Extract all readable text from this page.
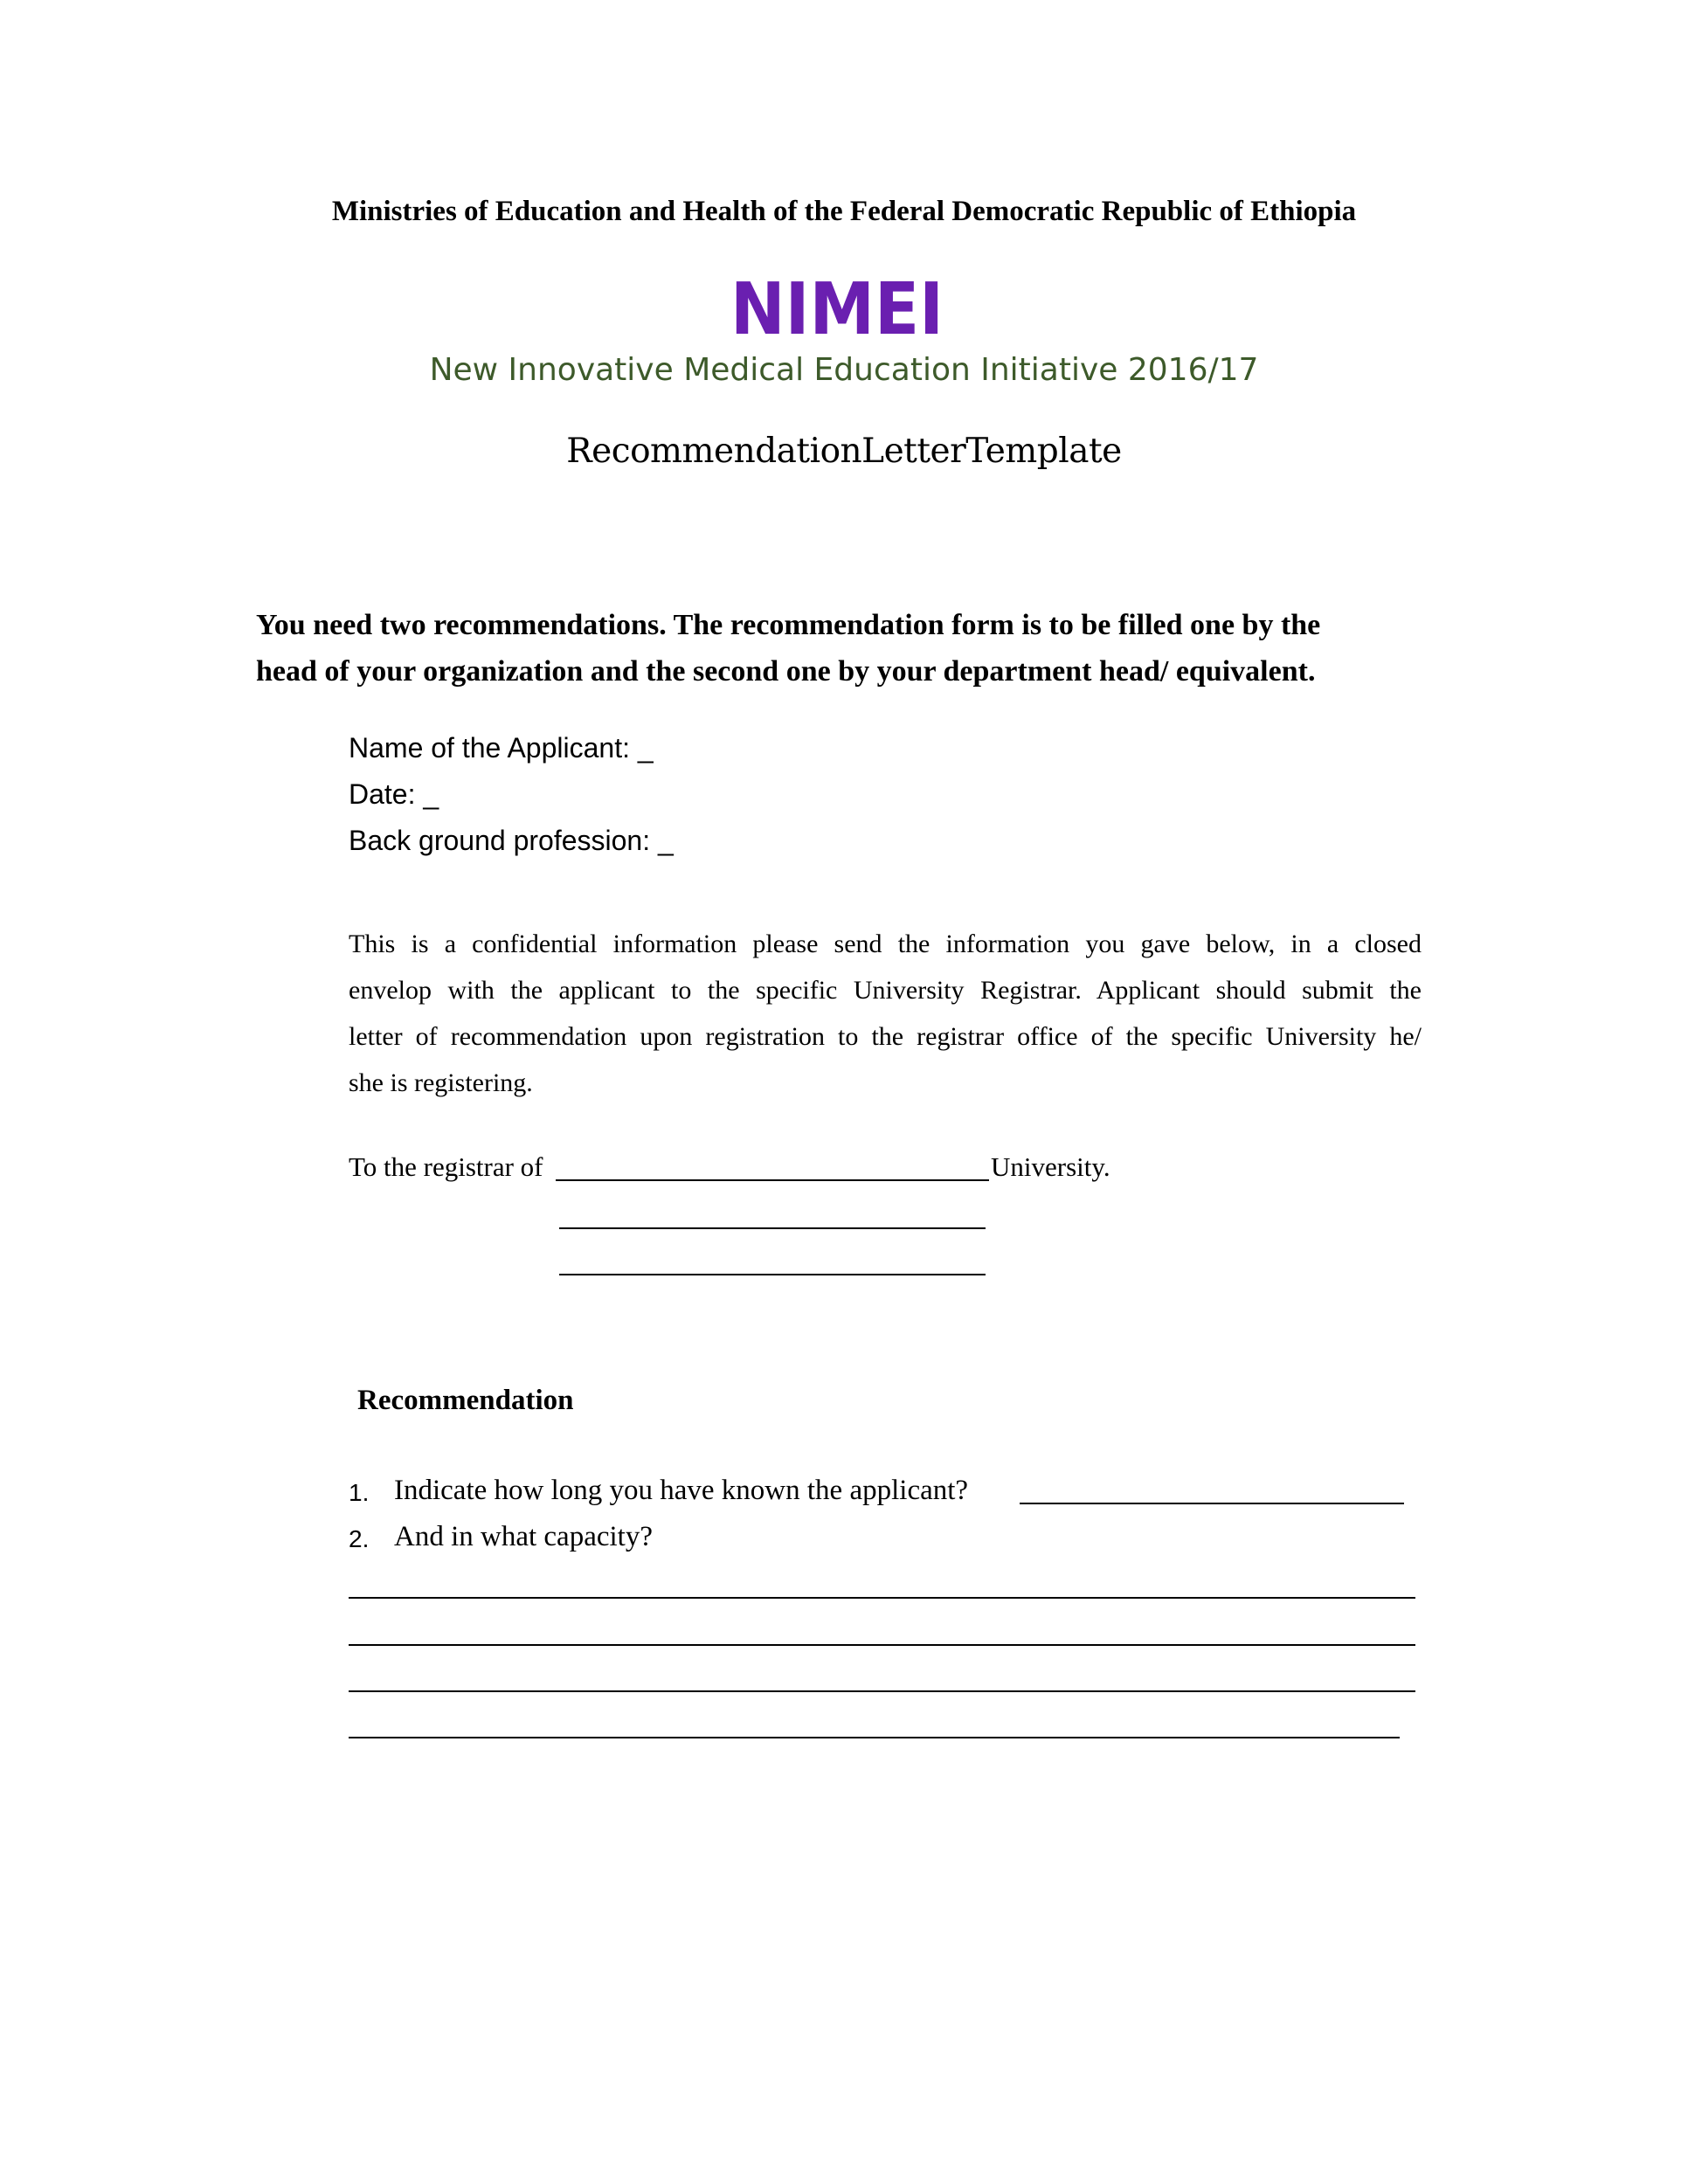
Ministries of Education and Health of the Federal Democratic Republic of Ethiopia
NIMEI
New Innovative Medical Education Initiative 2016/17
RecommendationLetterTemplate
You need two recommendations. The recommendation form is to be filled one by the
head of your organization and the second one by your department head/ equivalent.
Name of the Applicant: _
Date: _
Back ground profession: _
This is a confidential information please send the information you gave below, in a closed
envelop with the applicant to the specific University Registrar. Applicant should submit the
letter of recommendation upon registration to the registrar office of the specific University he/
she is registering.
To the registrar of	University.
Recommendation
1. Indicate how long you have known the applicant?
2. And in what capacity?
